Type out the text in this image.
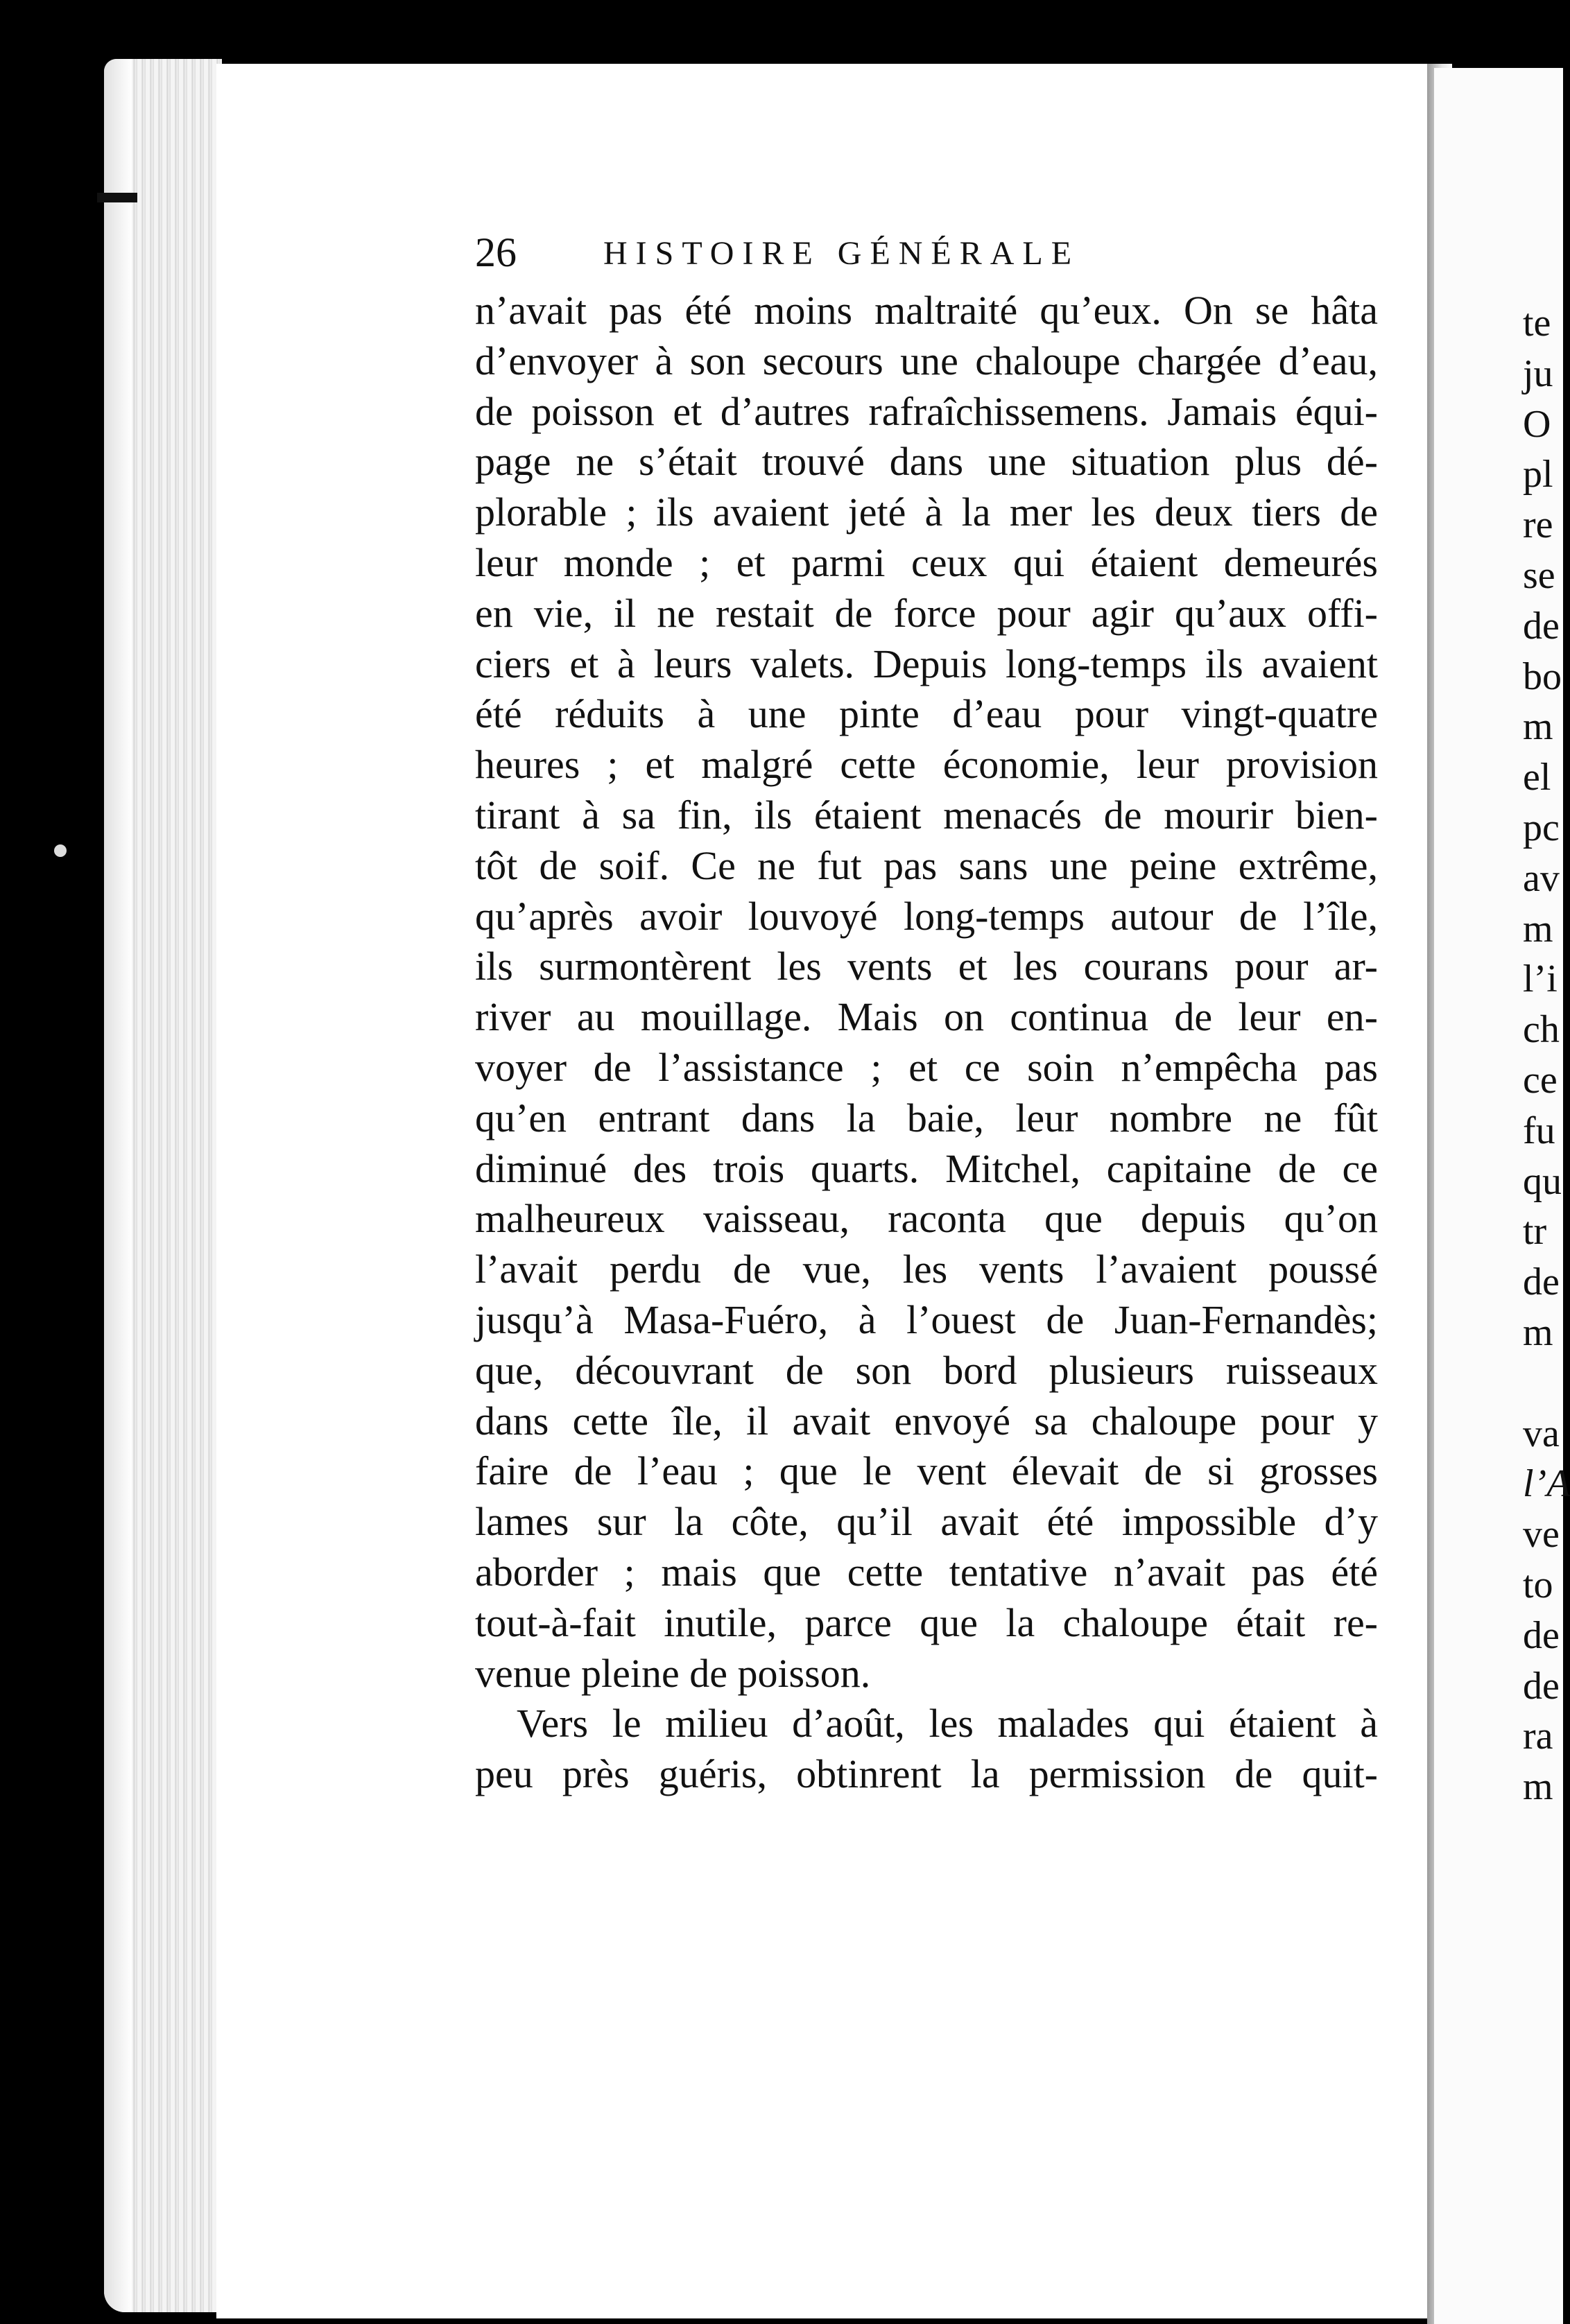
26	HISTOIRE GÉNÉRALE
n’avait pas été moins maltraité qu’eux. On se hâta
d’envoyer à son secours une chaloupe chargée d’eau,
de poisson et d’autres rafraîchissemens. Jamais équi-
page ne s’était trouvé dans une situation plus dé-
plorable ; ils avaient jeté à la mer les deux tiers de
leur monde ; et parmi ceux qui étaient demeurés
en vie, il ne restait de force pour agir qu’aux offi-
ciers et à leurs valets. Depuis long-temps ils avaient
été réduits à une pinte d’eau pour vingt-quatre
heures ; et malgré cette économie, leur provision
tirant à sa fin, ils étaient menacés de mourir bien-
tôt de soif. Ce ne fut pas sans une peine extrême,
qu’après avoir louvoyé long-temps autour de l’île,
ils surmontèrent les vents et les courans pour ar-
river au mouillage. Mais on continua de leur en-
voyer de l’assistance ; et ce soin n’empêcha pas
qu’en entrant dans la baie, leur nombre ne fût
diminué des trois quarts. Mitchel, capitaine de ce
malheureux vaisseau, raconta que depuis qu’on
l’avait perdu de vue, les vents l’avaient poussé
jusqu’à Masa-Fuéro, à l’ouest de Juan-Fernandès;
que, découvrant de son bord plusieurs ruisseaux
dans cette île, il avait envoyé sa chaloupe pour y
faire de l’eau ; que le vent élevait de si grosses
lames sur la côte, qu’il avait été impossible d’y
aborder ; mais que cette tentative n’avait pas été
tout-à-fait inutile, parce que la chaloupe était re-
venue pleine de poisson.
Vers le milieu d’août, les malades qui étaient à
peu près guéris, obtinrent la permission de quit-
te
ju
O
pl
re
se
de
bo
m
el
pc
av
m
l’i
ch
ce
fu
qu
tr
de
m
va
l’A
ve
to
de
de
ra
m
